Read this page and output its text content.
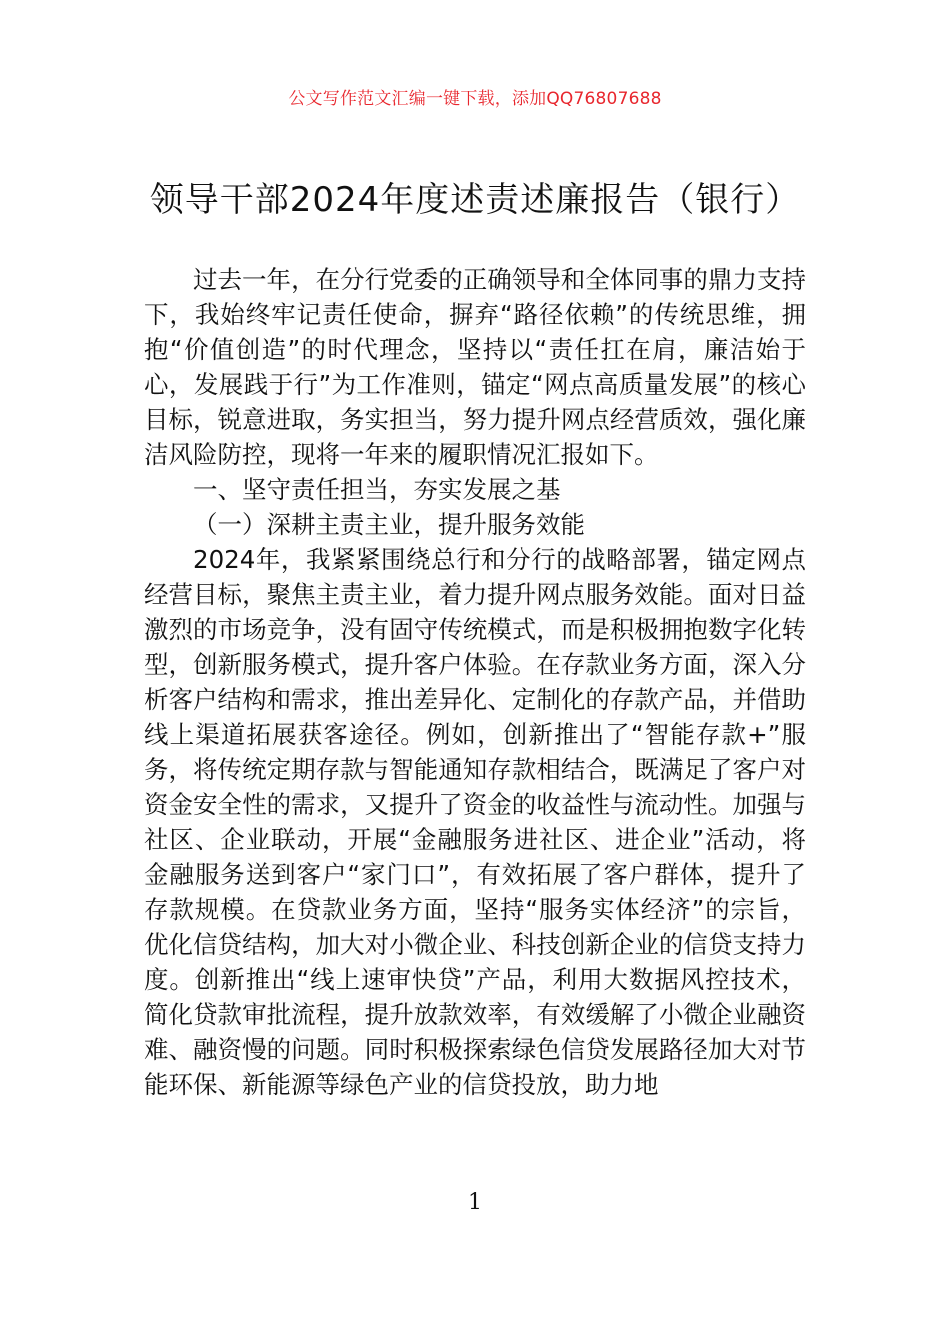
公文写作范文汇编一键下载，添加QQ76807688
领导干部2024年度述责述廉报告（银行）

过去一年，在分行党委的正确领导和全体同事的鼎力支持下，我始终牢记责任使命，摒弃“路径依赖”的传统思维，拥抱“价值创造”的时代理念，坚持以“责任扛在肩，廉洁始于心，发展践于行”为工作准则，锚定“网点高质量发展”的核心目标，锐意进取，务实担当，努力提升网点经营质效，强化廉洁风险防控，现将一年来的履职情况汇报如下。

一、坚守责任担当，夯实发展之基

（一）深耕主责主业，提升服务效能

2024年，我紧紧围绕总行和分行的战略部署，锚定网点经营目标，聚焦主责主业，着力提升网点服务效能。面对日益激烈的市场竞争，没有固守传统模式，而是积极拥抱数字化转型，创新服务模式，提升客户体验。在存款业务方面，深入分析客户结构和需求，推出差异化、定制化的存款产品，并借助线上渠道拓展获客途径。例如，创新推出了“智能存款+”服务，将传统定期存款与智能通知存款相结合，既满足了客户对资金安全性的需求，又提升了资金的收益性与流动性。加强与社区、企业联动，开展“金融服务进社区、进企业”活动，将金融服务送到客户“家门口”，有效拓展了客户群体，提升了存款规模。在贷款业务方面，坚持“服务实体经济”的宗旨，优化信贷结构，加大对小微企业、科技创新企业的信贷支持力度。创新推出“线上速审快贷”产品，利用大数据风控技术，简化贷款审批流程，提升放款效率，有效缓解了小微企业融资难、融资慢的问题。同时积极探索绿色信贷发展路径加大对节能环保、新能源等绿色产业的信贷投放，助力地

1
